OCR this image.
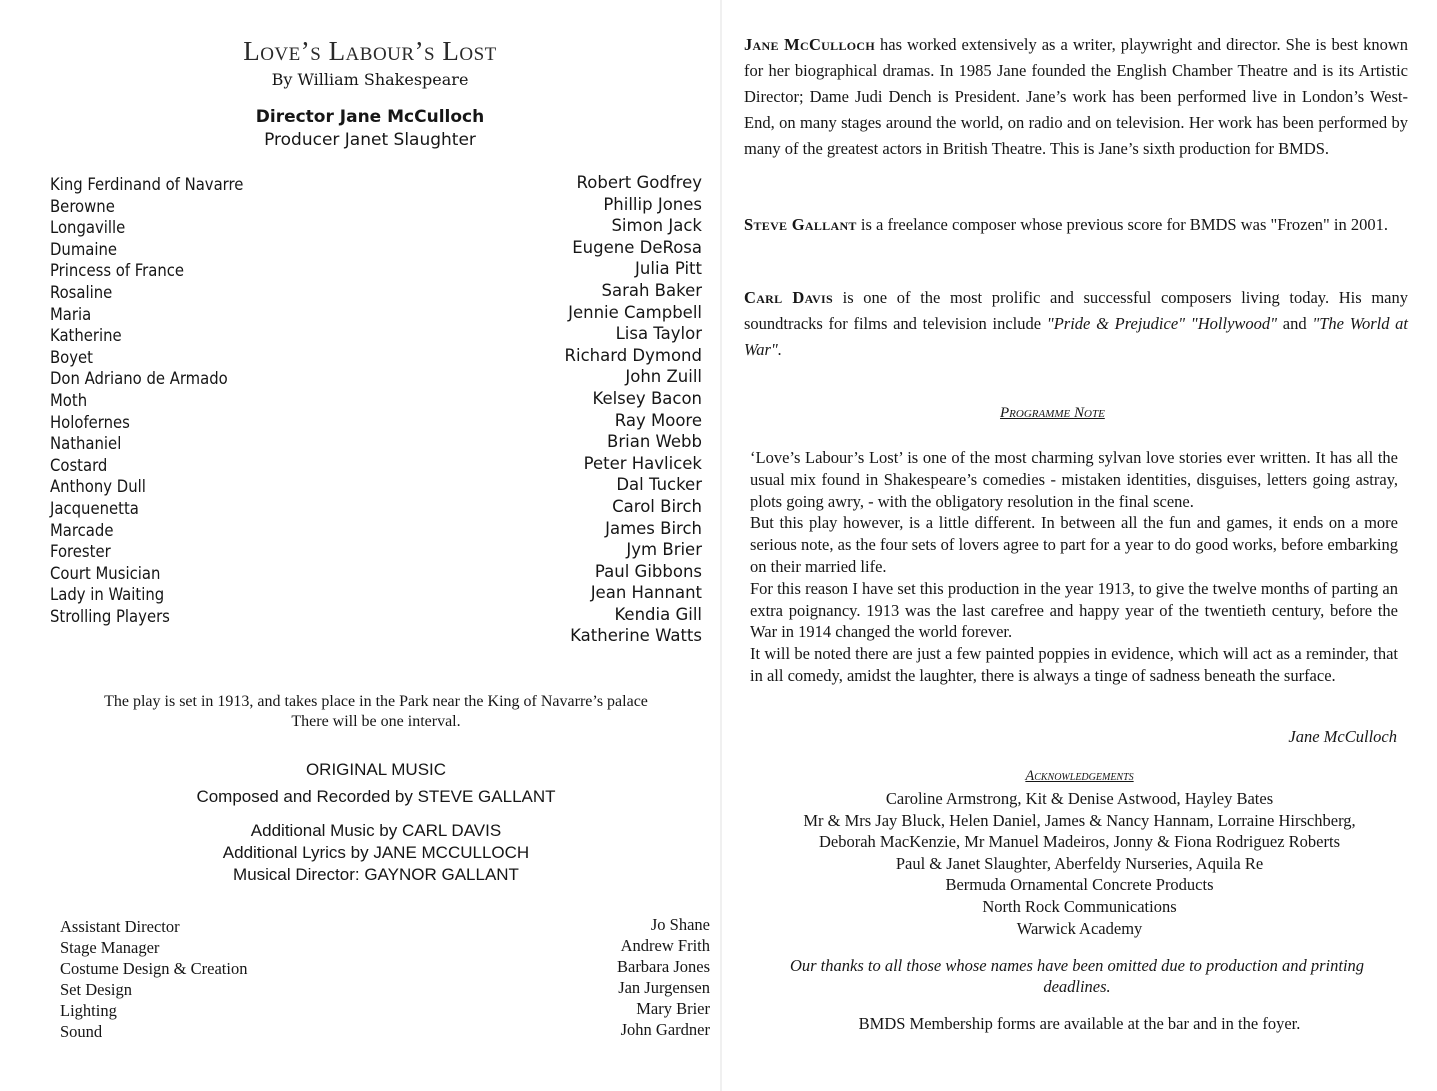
Love’s Labour’s Lost
By William Shakespeare
Director Jane McCulloch
Producer Janet Slaughter
King Ferdinand of Navarre
Berowne
Longaville
Dumaine
Princess of France
Rosaline
Maria
Katherine
Boyet
Don Adriano de Armado
Moth
Holofernes
Nathaniel
Costard
Anthony Dull
Jacquenetta
Marcade
Forester
Court Musician
Lady in Waiting
Strolling Players
Robert Godfrey
Phillip Jones
Simon Jack
Eugene DeRosa
Julia Pitt
Sarah Baker
Jennie Campbell
Lisa Taylor
Richard Dymond
John Zuill
Kelsey Bacon
Ray Moore
Brian Webb
Peter Havlicek
Dal Tucker
Carol Birch
James Birch
Jym Brier
Paul Gibbons
Jean Hannant
Kendia Gill
Katherine Watts
The play is set in 1913, and takes place in the Park near the King of Navarre’s palace
There will be one interval.
ORIGINAL MUSIC
Composed and Recorded by STEVE GALLANT
Additional Music by CARL DAVIS
Additional Lyrics by JANE MCCULLOCH
Musical Director: GAYNOR GALLANT
Assistant Director
Stage Manager
Costume Design & Creation
Set Design
Lighting
Sound
Jo Shane
Andrew Frith
Barbara Jones
Jan Jurgensen
Mary Brier
John Gardner
Jane McCulloch has worked extensively as a writer, playwright and director. She is best known for her biographical dramas. In 1985 Jane founded the English Chamber Theatre and is its Artistic Director; Dame Judi Dench is President. Jane’s work has been performed live in London’s West-End, on many stages around the world, on radio and on television. Her work has been performed by many of the greatest actors in British Theatre. This is Jane’s sixth production for BMDS.
Steve Gallant is a freelance composer whose previous score for BMDS was "Frozen" in 2001.
Carl Davis is one of the most prolific and successful composers living today. His many soundtracks for films and television include "Pride & Prejudice" "Hollywood" and "The World at War".
Programme Note

‘Love’s Labour’s Lost’ is one of the most charming sylvan love stories ever written. It has all the usual mix found in Shakespeare’s comedies - mistaken identities, disguises, letters going astray, plots going awry, - with the obligatory resolution in the final scene.

But this play however, is a little different. In between all the fun and games, it ends on a more serious note, as the four sets of lovers agree to part for a year to do good works, before embarking on their married life.

For this reason I have set this production in the year 1913, to give the twelve months of parting an extra poignancy. 1913 was the last carefree and happy year of the twentieth century, before the War in 1914 changed the world forever.

It will be noted there are just a few painted poppies in evidence, which will act as a reminder, that in all comedy, amidst the laughter, there is always a tinge of sadness beneath the surface.

Jane McCulloch
Acknowledgements
Caroline Armstrong, Kit & Denise Astwood, Hayley Bates
Mr & Mrs Jay Bluck, Helen Daniel, James & Nancy Hannam, Lorraine Hirschberg,
Deborah MacKenzie, Mr Manuel Madeiros, Jonny & Fiona Rodriguez Roberts
Paul & Janet Slaughter, Aberfeldy Nurseries, Aquila Re
Bermuda Ornamental Concrete Products
North Rock Communications
Warwick Academy
Our thanks to all those whose names have been omitted due to production and printing deadlines.
BMDS Membership forms are available at the bar and in the foyer.
